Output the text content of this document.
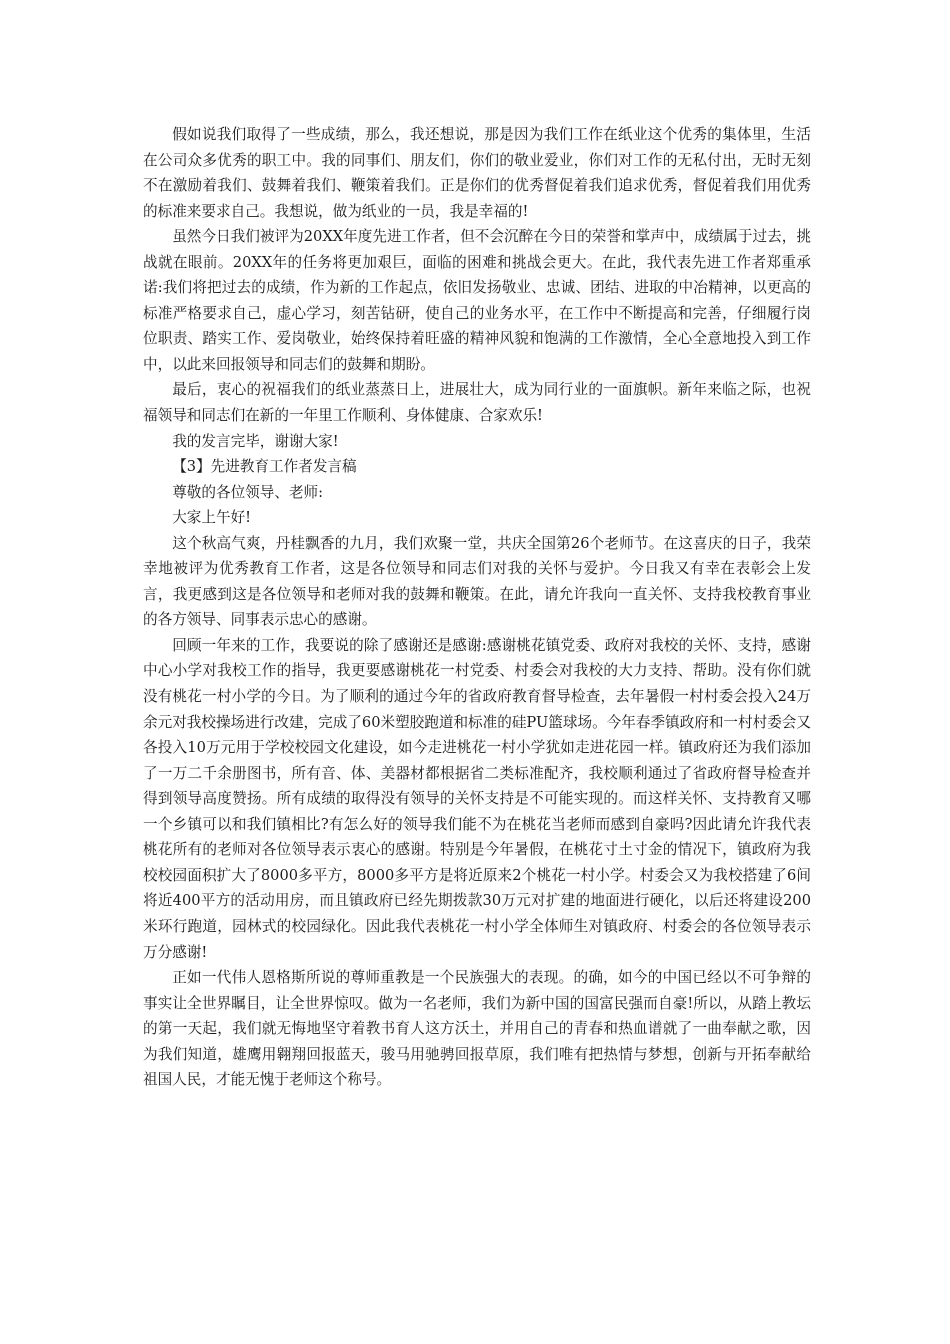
假如说我们取得了一些成绩，那么，我还想说，那是因为我们工作在纸业这个优秀的集体里，生活在公司众多优秀的职工中。我的同事们、朋友们，你们的敬业爱业，你们对工作的无私付出，无时无刻不在激励着我们、鼓舞着我们、鞭策着我们。正是你们的优秀督促着我们追求优秀，督促着我们用优秀的标准来要求自己。我想说，做为纸业的一员，我是幸福的!

虽然今日我们被评为20XX年度先进工作者，但不会沉醉在今日的荣誉和掌声中，成绩属于过去，挑战就在眼前。20XX年的任务将更加艰巨，面临的困难和挑战会更大。在此，我代表先进工作者郑重承诺:我们将把过去的成绩，作为新的工作起点，依旧发扬敬业、忠诚、团结、进取的中冶精神，以更高的标准严格要求自己，虚心学习，刻苦钻研，使自己的业务水平，在工作中不断提高和完善，仔细履行岗位职责、踏实工作、爱岗敬业，始终保持着旺盛的精神风貌和饱满的工作激情，全心全意地投入到工作中，以此来回报领导和同志们的鼓舞和期盼。

最后，衷心的祝福我们的纸业蒸蒸日上，进展壮大，成为同行业的一面旗帜。新年来临之际，也祝福领导和同志们在新的一年里工作顺利、身体健康、合家欢乐!

我的发言完毕，谢谢大家!

【3】先进教育工作者发言稿

尊敬的各位领导、老师:

大家上午好!

这个秋高气爽，丹桂飘香的九月，我们欢聚一堂，共庆全国第26个老师节。在这喜庆的日子，我荣幸地被评为优秀教育工作者，这是各位领导和同志们对我的关怀与爱护。今日我又有幸在表彰会上发言，我更感到这是各位领导和老师对我的鼓舞和鞭策。在此，请允许我向一直关怀、支持我校教育事业的各方领导、同事表示忠心的感谢。

回顾一年来的工作，我要说的除了感谢还是感谢:感谢桃花镇党委、政府对我校的关怀、支持，感谢中心小学对我校工作的指导，我更要感谢桃花一村党委、村委会对我校的大力支持、帮助。没有你们就没有桃花一村小学的今日。为了顺利的通过今年的省政府教育督导检查，去年暑假一村村委会投入24万余元对我校操场进行改建，完成了60米塑胶跑道和标准的硅PU篮球场。今年春季镇政府和一村村委会又各投入10万元用于学校校园文化建设，如今走进桃花一村小学犹如走进花园一样。镇政府还为我们添加了一万二千余册图书，所有音、体、美器材都根据省二类标准配齐，我校顺利通过了省政府督导检查并得到领导高度赞扬。所有成绩的取得没有领导的关怀支持是不可能实现的。而这样关怀、支持教育又哪一个乡镇可以和我们镇相比?有怎么好的领导我们能不为在桃花当老师而感到自豪吗?因此请允许我代表桃花所有的老师对各位领导表示衷心的感谢。特别是今年暑假，在桃花寸土寸金的情况下，镇政府为我校校园面积扩大了8000多平方，8000多平方是将近原来2个桃花一村小学。村委会又为我校搭建了6间将近400平方的活动用房，而且镇政府已经先期拨款30万元对扩建的地面进行硬化，以后还将建设200米环行跑道，园林式的校园绿化。因此我代表桃花一村小学全体师生对镇政府、村委会的各位领导表示万分感谢!

正如一代伟人恩格斯所说的尊师重教是一个民族强大的表现。的确，如今的中国已经以不可争辩的事实让全世界瞩目，让全世界惊叹。做为一名老师，我们为新中国的国富民强而自豪!所以，从踏上教坛的第一天起，我们就无悔地坚守着教书育人这方沃土，并用自己的青春和热血谱就了一曲奉献之歌，因为我们知道，雄鹰用翱翔回报蓝天，骏马用驰骋回报草原，我们唯有把热情与梦想，创新与开拓奉献给祖国人民，才能无愧于老师这个称号。
